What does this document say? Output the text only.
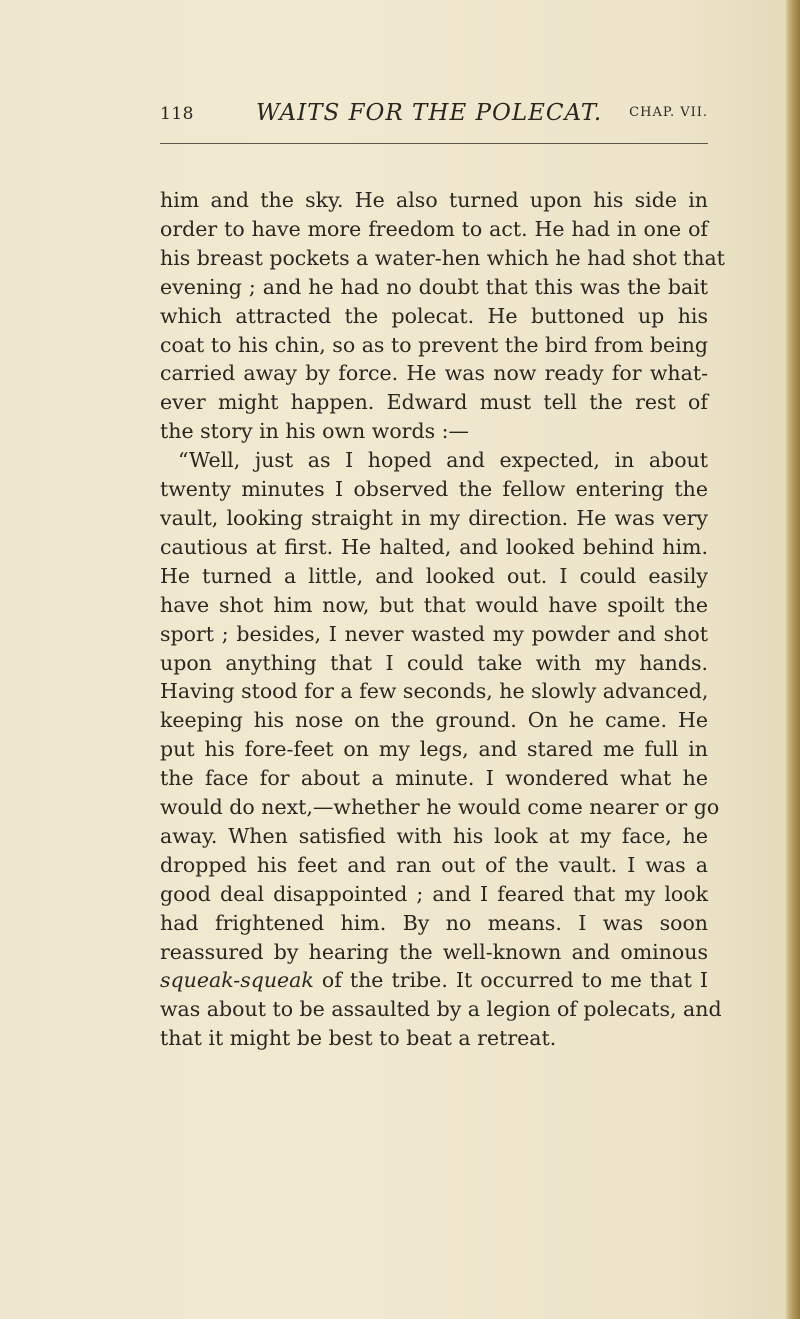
118	WAITS FOR THE POLECAT. CHAP. VII.
him and the sky. He also turned upon his side in
order to have more freedom to act. He had in one of
his breast pockets a water-hen which he had shot that
evening ; and he had no doubt that this was the bait
which attracted the polecat. He buttoned up his
coat to his chin, so as to prevent the bird from being
carried away by force. He was now ready for what-
ever might happen. Edward must tell the rest of
the story in his own words :—
“Well, just as I hoped and expected, in about
twenty minutes I observed the fellow entering the
vault, looking straight in my direction. He was very
cautious at first. He halted, and looked behind him.
He turned a little, and looked out. I could easily
have shot him now, but that would have spoilt the
sport ; besides, I never wasted my powder and shot
upon anything that I could take with my hands.
Having stood for a few seconds, he slowly advanced,
keeping his nose on the ground. On he came. He
put his fore-feet on my legs, and stared me full in
the face for about a minute. I wondered what he
would do next,—whether he would come nearer or go
away. When satisfied with his look at my face, he
dropped his feet and ran out of the vault. I was a
good deal disappointed ; and I feared that my look
had frightened him. By no means. I was soon
reassured by hearing the well-known and ominous
squeak-squeak of the tribe. It occurred to me that I
was about to be assaulted by a legion of polecats, and
that it might be best to beat a retreat.
